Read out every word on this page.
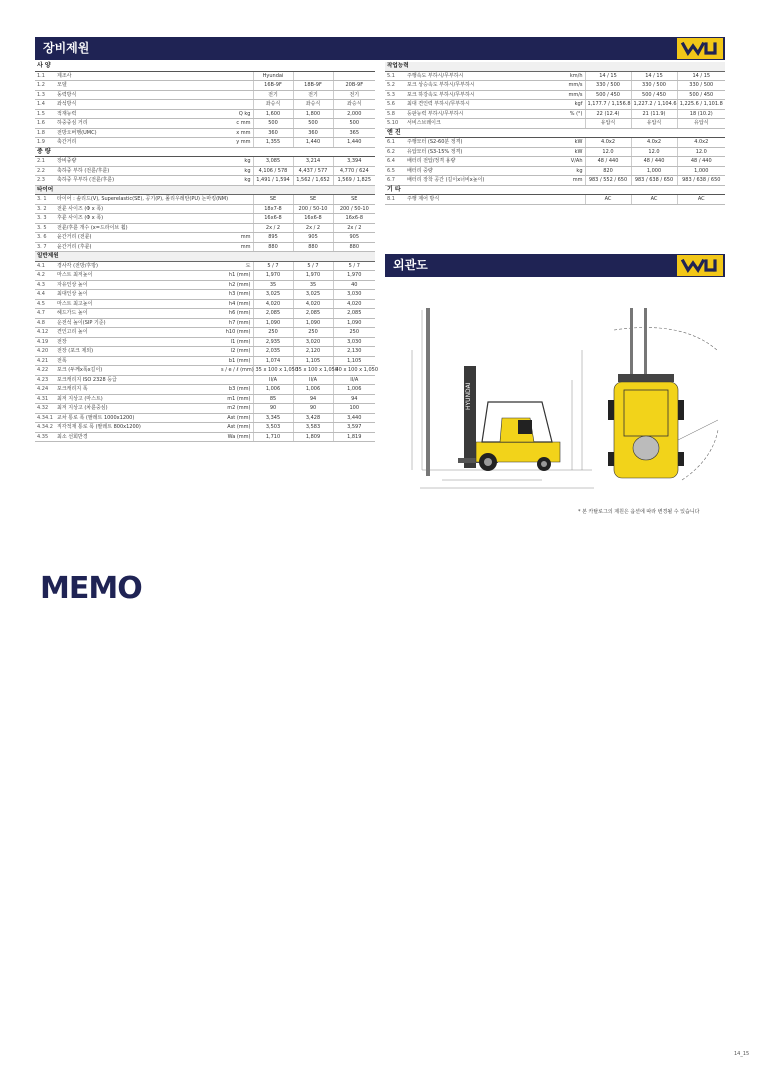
장비제원
사 양					
1.1	제조사		Hyundai		
1.2	모델		16B-9F	18B-9F	20B-9F
1.3	동력방식		전기	전기	전기
1.4	좌석방식		좌승식	좌승식	좌승식
1.5	적재능력	Q kg	1,600	1,800	2,000
1.6	하중중심 거리	c mm	500	500	500
1.8	전방오버행(UMC)	x mm	360	360	365
1.9	축간거리	y mm	1,355	1,440	1,440
중 량					
2.1	장비중량	kg	3,085	3,214	3,394
2.2	축하중 부하 (전륜/후륜)	kg	4,106 / 578	4,437 / 577	4,770 / 624
2.3	축하중 무부하 (전륜/후륜)	kg	1,491 / 1,594	1,562 / 1,652	1,569 / 1,825
타이어					
3. 1	타이어 : 솔리드(V), Superelastic(SE), 공기(P), 폴리우레탄(PU) 논마킹(NM)		SE	SE	SE
3. 2	전륜 사이즈 (Φ x 폭)		18x7-8	200 / 50-10	200 / 50-10
3. 3	후륜 사이즈 (Φ x 폭)		16x6-8	16x6-8	16x6-8
3. 5	전륜/후륜 개수 (x=드라이브 휠)		2x / 2	2x / 2	2x / 2
3. 6	윤간거리 (전륜)	mm	895	905	905
3. 7	윤간거리 (후륜)	mm	880	880	880
일반제원					
4.1	경사각 (전방/후방)	도	5 / 7	5 / 7	5 / 7
4.2	마스트 최저높이	h1 (mm)	1,970	1,970	1,970
4.3	자유인상 높이	h2 (mm)	35	35	40
4.4	최대인상 높이	h3 (mm)	3,025	3,025	3,030
4.5	마스트 최고높이	h4 (mm)	4,020	4,020	4,020
4.7	헤드가드 높이	h6 (mm)	2,085	2,085	2,085
4.8	운전석 높이(SIP 기준)	h7 (mm)	1,090	1,090	1,090
4.12	견인고리 높이	h10 (mm)	250	250	250
4.19	전장	l1 (mm)	2,935	3,020	3,030
4.20	전장 (포크 제외)	l2 (mm)	2,035	2,120	2,130
4.21	전폭	b1 (mm)	1,074	1,105	1,105
4.22	포크 (두께x폭x길이)	s / e / ℓ (mm)	35 x 100 x 1,050	35 x 100 x 1,050	40 x 100 x 1,050
4.23	포크캐리지 ISO 2328 등급		II/A	II/A	II/A
4.24	포크캐리지 폭	b3 (mm)	1,006	1,006	1,006
4.31	최저 지상고 (마스트)	m1 (mm)	85	94	94
4.32	최저 지상고 (차륜중심)	m2 (mm)	90	90	100
4.34.1	교차 통로 폭 (팔레트 1000x1200)	Ast (mm)	3,345	3,428	3,440
4.34.2	직각적재 통로 폭 (팔레트 800x1200)	Ast (mm)	3,503	3,583	3,597
4.35	최소 선회반경	Wa (mm)	1,710	1,809	1,819
작업능력					
5.1	주행속도 부하시/무부하시	km/h	14 / 15	14 / 15	14 / 15
5.2	포크 상승속도 부하시/무부하시	mm/s	330 / 500	330 / 500	330 / 500
5.3	포크 하강속도 부하시/무부하시	mm/s	500 / 450	500 / 450	500 / 450
5.6	최대 견인력 부하시/무부하시	kgf	1,177.7 / 1,156.8	1,227.2 / 1,104.6	1,225.6 / 1,101.8
5.8	등판능력 부하시/무부하시	% (°)	22 (12.4)	21 (11.9)	18 (10.2)
5.10	서비스브레이크		유압식	유압식	유압식
엔 진					
6.1	주행모터 (S2-60분 정격)	kW	4.0x2	4.0x2	4.0x2
6.2	유압모터 (S3-15% 정격)	kW	12.0	12.0	12.0
6.4	배터리 전압/정격 용량	V/Ah	48 / 440	48 / 440	48 / 440
6.5	배터리 중량	kg	820	1,000	1,000
6.7	배터리 장착 공간 (길이x너비x높이)	mm	983 / 552 / 650	983 / 638 / 650	983 / 638 / 650
기 타					
8.1	주행 제어 방식		AC	AC	AC
외관도
HYUNDAI
* 본 카탈로그의 제원은 옵션에 따라 변경될 수 있습니다
MEMO
14_15
